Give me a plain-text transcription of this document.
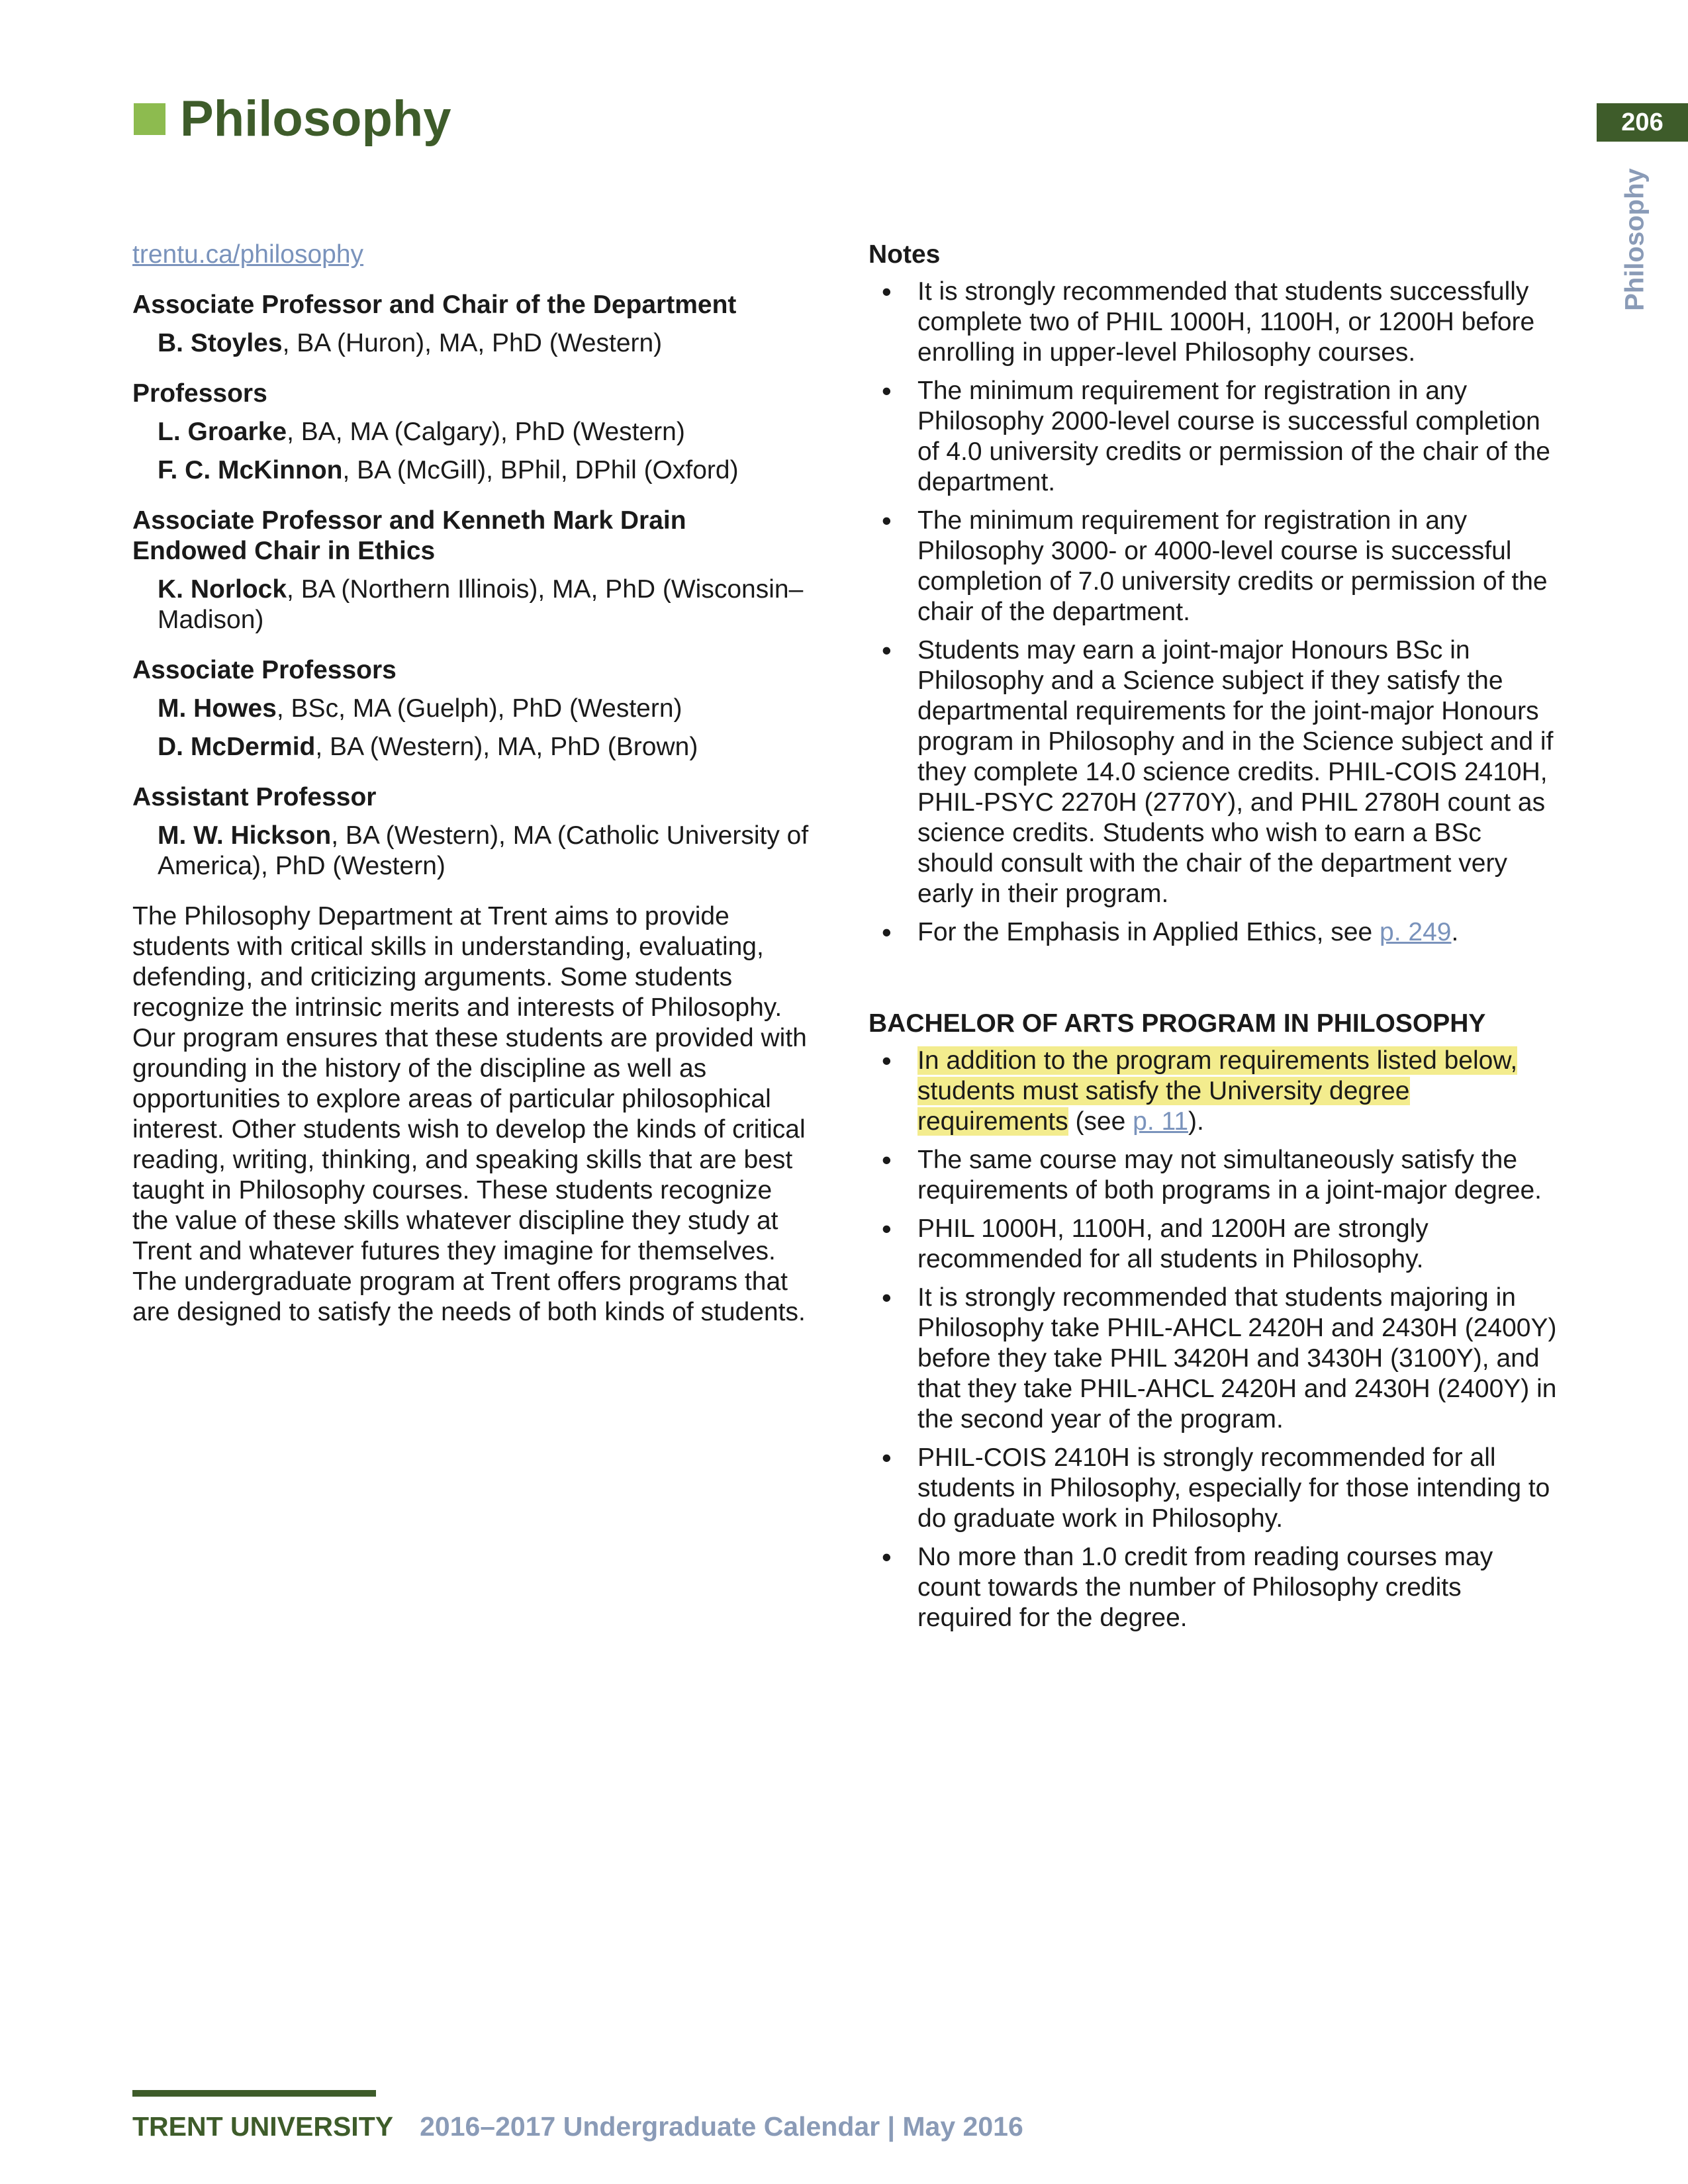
Philosophy	206
Philosophy
trentu.ca/philosophy
Associate Professor and Chair of the Department
B. Stoyles, BA (Huron), MA, PhD (Western)
Professors
L. Groarke, BA, MA (Calgary), PhD (Western)
F. C. McKinnon, BA (McGill), BPhil, DPhil (Oxford)
Associate Professor and Kenneth Mark Drain Endowed Chair in Ethics
K. Norlock, BA (Northern Illinois), MA, PhD (Wisconsin–Madison)
Associate Professors
M. Howes, BSc, MA (Guelph), PhD (Western)
D. McDermid, BA (Western), MA, PhD (Brown)
Assistant Professor
M. W. Hickson, BA (Western), MA (Catholic University of America), PhD (Western)

The Philosophy Department at Trent aims to provide students with critical skills in understanding, evaluating, defending, and criticizing arguments. Some students recognize the intrinsic merits and interests of Philosophy. Our program ensures that these students are provided with grounding in the history of the discipline as well as opportunities to explore areas of particular philosophical interest. Other students wish to develop the kinds of critical reading, writing, thinking, and speaking skills that are best taught in Philosophy courses. These students recognize the value of these skills whatever discipline they study at Trent and whatever futures they imagine for themselves. The undergraduate program at Trent offers programs that are designed to satisfy the needs of both kinds of students.

Notes
• It is strongly recommended that students successfully complete two of PHIL 1000H, 1100H, or 1200H before enrolling in upper-level Philosophy courses.
• The minimum requirement for registration in any Philosophy 2000-level course is successful completion of 4.0 university credits or permission of the chair of the department.
• The minimum requirement for registration in any Philosophy 3000- or 4000-level course is successful completion of 7.0 university credits or permission of the chair of the department.
• Students may earn a joint-major Honours BSc in Philosophy and a Science subject if they satisfy the departmental requirements for the joint-major Honours program in Philosophy and in the Science subject and if they complete 14.0 science credits. PHIL-COIS 2410H, PHIL-PSYC 2270H (2770Y), and PHIL 2780H count as science credits. Students who wish to earn a BSc should consult with the chair of the department very early in their program.
• For the Emphasis in Applied Ethics, see p. 249.
BACHELOR OF ARTS PROGRAM IN PHILOSOPHY
• In addition to the program requirements listed below, students must satisfy the University degree requirements (see p. 11).
• The same course may not simultaneously satisfy the requirements of both programs in a joint-major degree.
• PHIL 1000H, 1100H, and 1200H are strongly recommended for all students in Philosophy.
• It is strongly recommended that students majoring in Philosophy take PHIL-AHCL 2420H and 2430H (2400Y) before they take PHIL 3420H and 3430H (3100Y), and that they take PHIL-AHCL 2420H and 2430H (2400Y) in the second year of the program.
• PHIL-COIS 2410H is strongly recommended for all students in Philosophy, especially for those intending to do graduate work in Philosophy.
• No more than 1.0 credit from reading courses may count towards the number of Philosophy credits required for the degree.
TRENT UNIVERSITY 2016–2017 Undergraduate Calendar | May 2016
